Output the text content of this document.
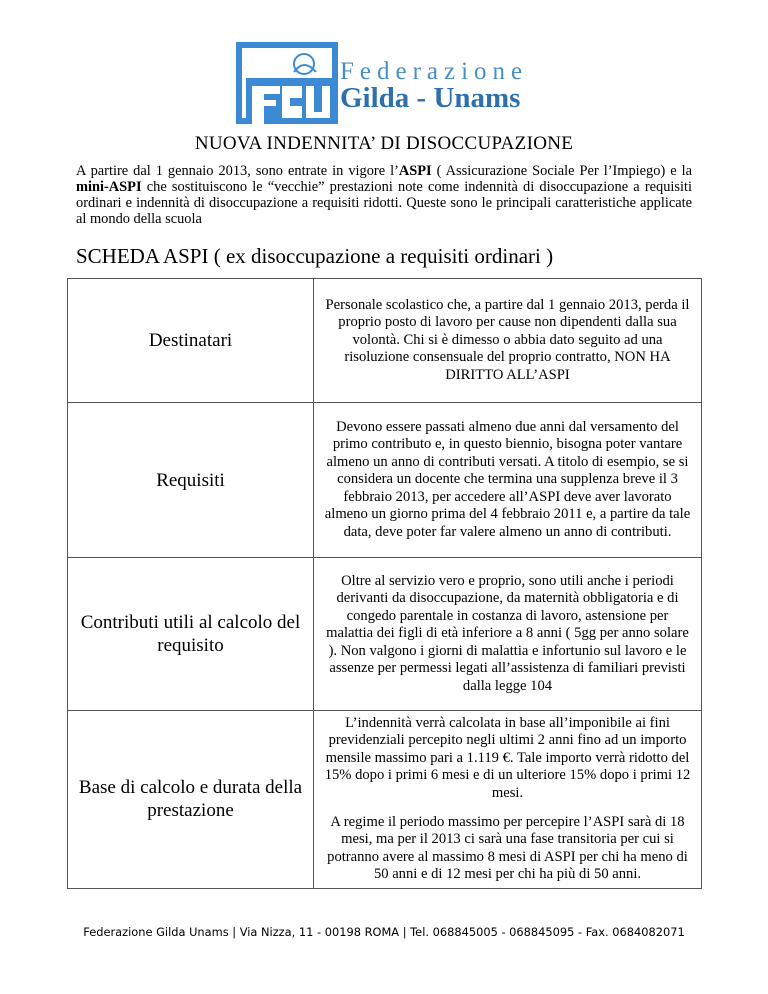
Federazione
Gilda - Unams
NUOVA INDENNITA’ DI DISOCCUPAZIONE
A partire dal 1 gennaio 2013, sono entrate in vigore l’ASPI ( Assicurazione Sociale Per l’Impiego) e la mini-ASPI che sostituiscono le “vecchie” prestazioni note come indennità di disoccupazione a requisiti ordinari e indennità di disoccupazione a requisiti ridotti. Queste sono le principali caratteristiche applicate al mondo della scuola
SCHEDA ASPI ( ex disoccupazione a requisiti ordinari )
Destinatari	Personale scolastico che, a partire dal 1 gennaio 2013, perda il proprio posto di lavoro per cause non dipendenti dalla sua volontà. Chi si è dimesso o abbia dato seguito ad una risoluzione consensuale del proprio contratto, NON HA DIRITTO ALL’ASPI

Requisiti	Devono essere passati almeno due anni dal versamento del primo contributo e, in questo biennio, bisogna poter vantare almeno un anno di contributi versati. A titolo di esempio, se si considera un docente che termina una supplenza breve il 3 febbraio 2013, per accedere all’ASPI deve aver lavorato almeno un giorno prima del 4 febbraio 2011 e, a partire da tale data, deve poter far valere almeno un anno di contributi.

Contributi utili al calcolo del requisito	Oltre al servizio vero e proprio, sono utili anche i periodi derivanti da disoccupazione, da maternità obbligatoria e di congedo parentale in costanza di lavoro, astensione per malattia dei figli di età inferiore a 8 anni ( 5gg per anno solare ). Non valgono i giorni di malattia e infortunio sul lavoro e le assenze per permessi legati all’assistenza di familiari previsti dalla legge 104

Base di calcolo e durata della prestazione	L’indennità verrà calcolata in base all’imponibile ai fini previdenziali percepito negli ultimi 2 anni fino ad un importo mensile massimo pari a 1.119 €. Tale importo verrà ridotto del 15% dopo i primi 6 mesi e di un ulteriore 15% dopo i primi 12 mesi.

A regime il periodo massimo per percepire l’ASPI sarà di 18 mesi, ma per il 2013 ci sarà una fase transitoria per cui si potranno avere al massimo 8 mesi di ASPI per chi ha meno di 50 anni e di 12 mesi per chi ha più di 50 anni.

Federazione Gilda Unams | Via Nizza, 11 - 00198 ROMA | Tel. 068845005 - 068845095 - Fax. 0684082071
